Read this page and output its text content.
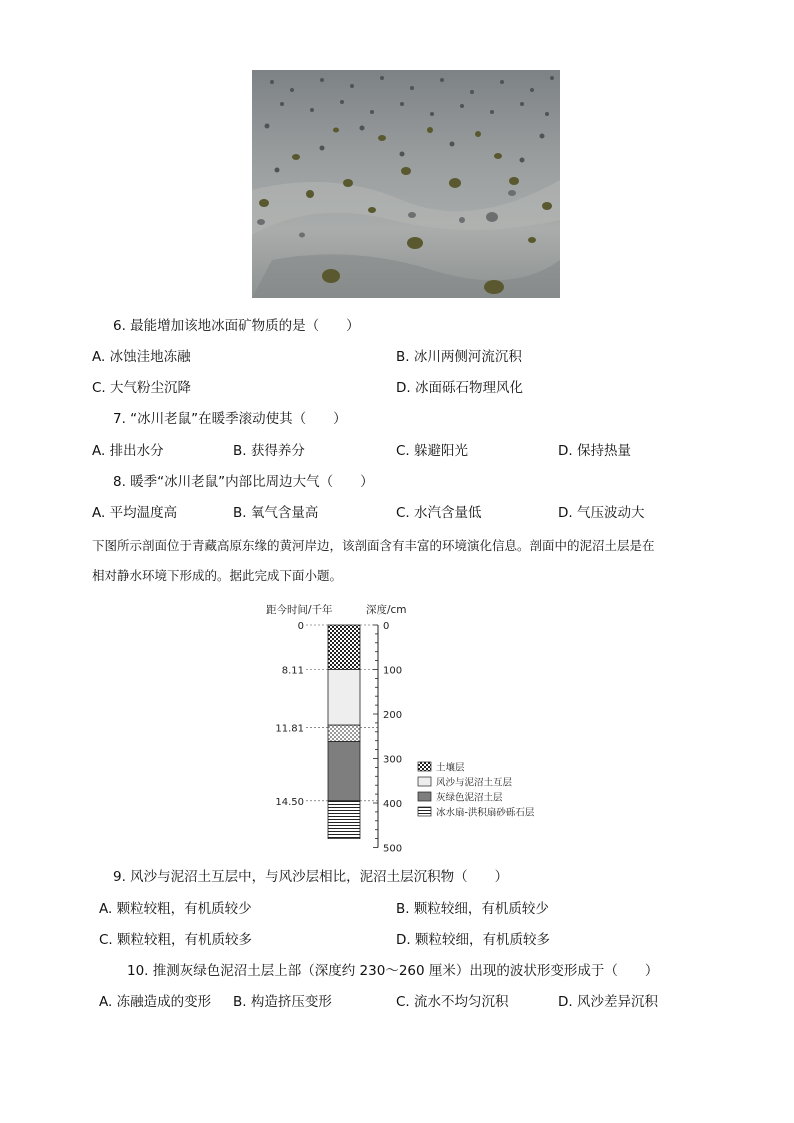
6. 最能增加该地冰面矿物质的是（　　）
A. 冰蚀洼地冻融	B. 冰川两侧河流沉积
C. 大气粉尘沉降	D. 冰面砾石物理风化
7. “冰川老鼠”在暖季滚动使其（　　）
A. 排出水分	B. 获得养分	C. 躲避阳光	D. 保持热量
8. 暖季“冰川老鼠”内部比周边大气（　　）
A. 平均温度高	B. 氧气含量高	C. 水汽含量低	D. 气压波动大
下图所示剖面位于青藏高原东缘的黄河岸边，该剖面含有丰富的环境演化信息。剖面中的泥沼土层是在
相对静水环境下形成的。据此完成下面小题。
距今时间/千年	深度/cm
0
8.11
11.81
14.50
0
100
200
300
400
500
土壤层
风沙与泥沼土互层
灰绿色泥沼土层
冰水扇-洪积扇砂砾石层
9. 风沙与泥沼土互层中，与风沙层相比，泥沼土层沉积物（　　）
A. 颗粒较粗，有机质较少	B. 颗粒较细，有机质较少
C. 颗粒较粗，有机质较多	D. 颗粒较细，有机质较多
10. 推测灰绿色泥沼土层上部（深度约 230～260 厘米）出现的波状形变形成于（　　）
A. 冻融造成的变形 B. 构造挤压变形	C. 流水不均匀沉积	D. 风沙差异沉积
